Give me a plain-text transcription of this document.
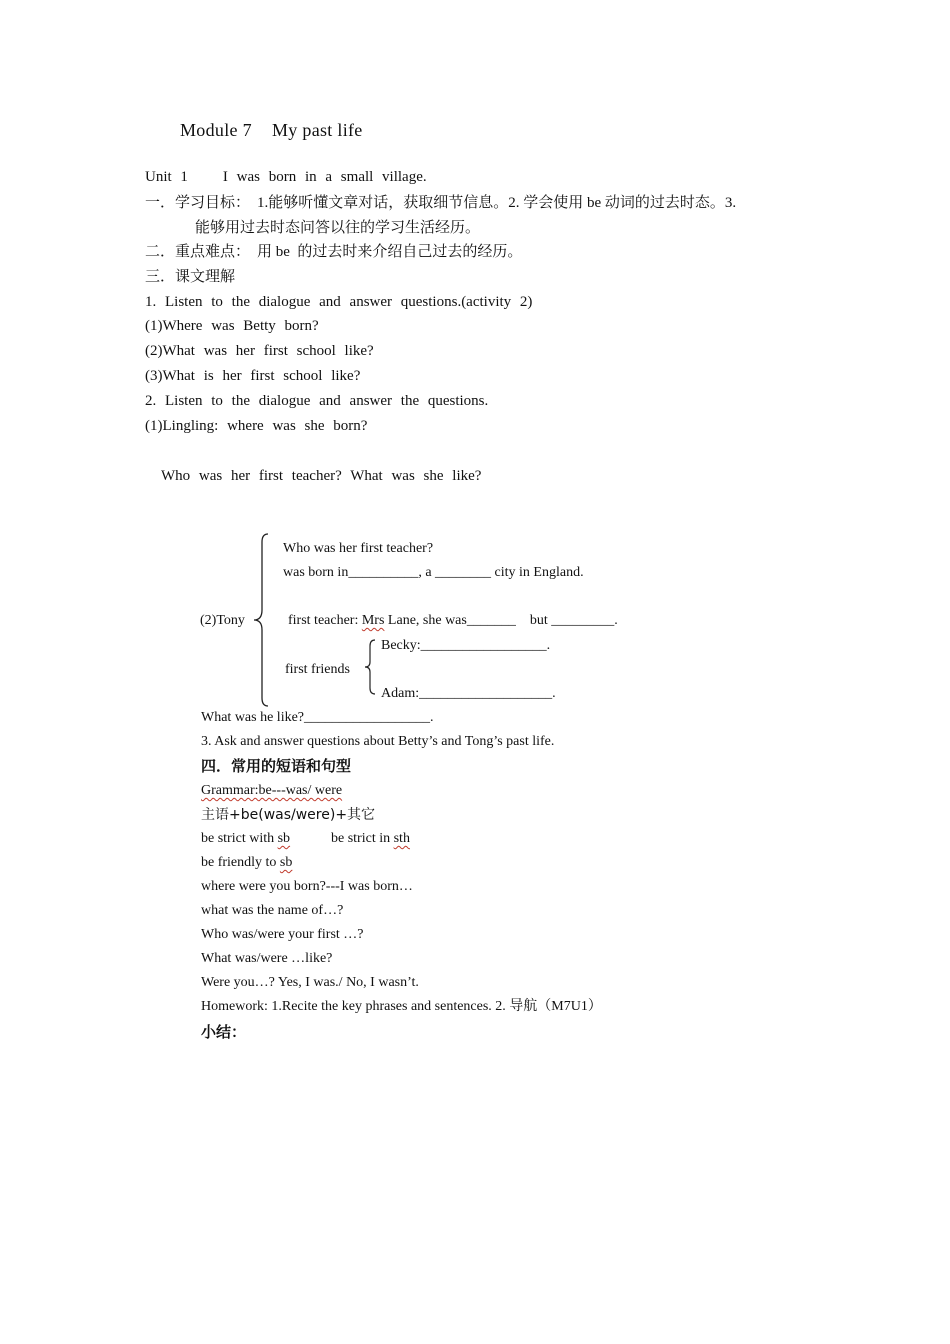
Module 7 My past life
Unit 1    I was born in a small village.
一．学习目标： 1.能够听懂文章对话，获取细节信息。2. 学会使用 be 动词的过去时态。3.
能够用过去时态问答以往的学习生活经历。
二．重点难点： 用 be  的过去时来介绍自己过去的经历。
三．课文理解
1. Listen to the dialogue and answer questions.(activity 2)
(1)Where was Betty born?
(2)What was her first school like?
(3)What is her first school like?
2. Listen to the dialogue and answer the questions.
(1)Lingling: where was she born?
Who was her first teacher? What was she like?
(2)Tony
Who was her first teacher?
was born in__________, a ________ city in England.
first teacher: Mrs Lane, she was_______    but _________.
first friends
Becky:__________________.
Adam:___________________.
What was he like?__________________.
3. Ask and answer questions about Betty’s and Tong’s past life.
四．常用的短语和句型
Grammar:be---was/ were
主语+be(was/were)+其它
be strict with sb	be strict in sth
be friendly to sb
where were you born?---I was born…
what was the name of…?
Who was/were your first …?
What was/were …like?
Were you…? Yes, I was./ No, I wasn’t.
Homework: 1.Recite the key phrases and sentences. 2. 导航（M7U1）
小结：
